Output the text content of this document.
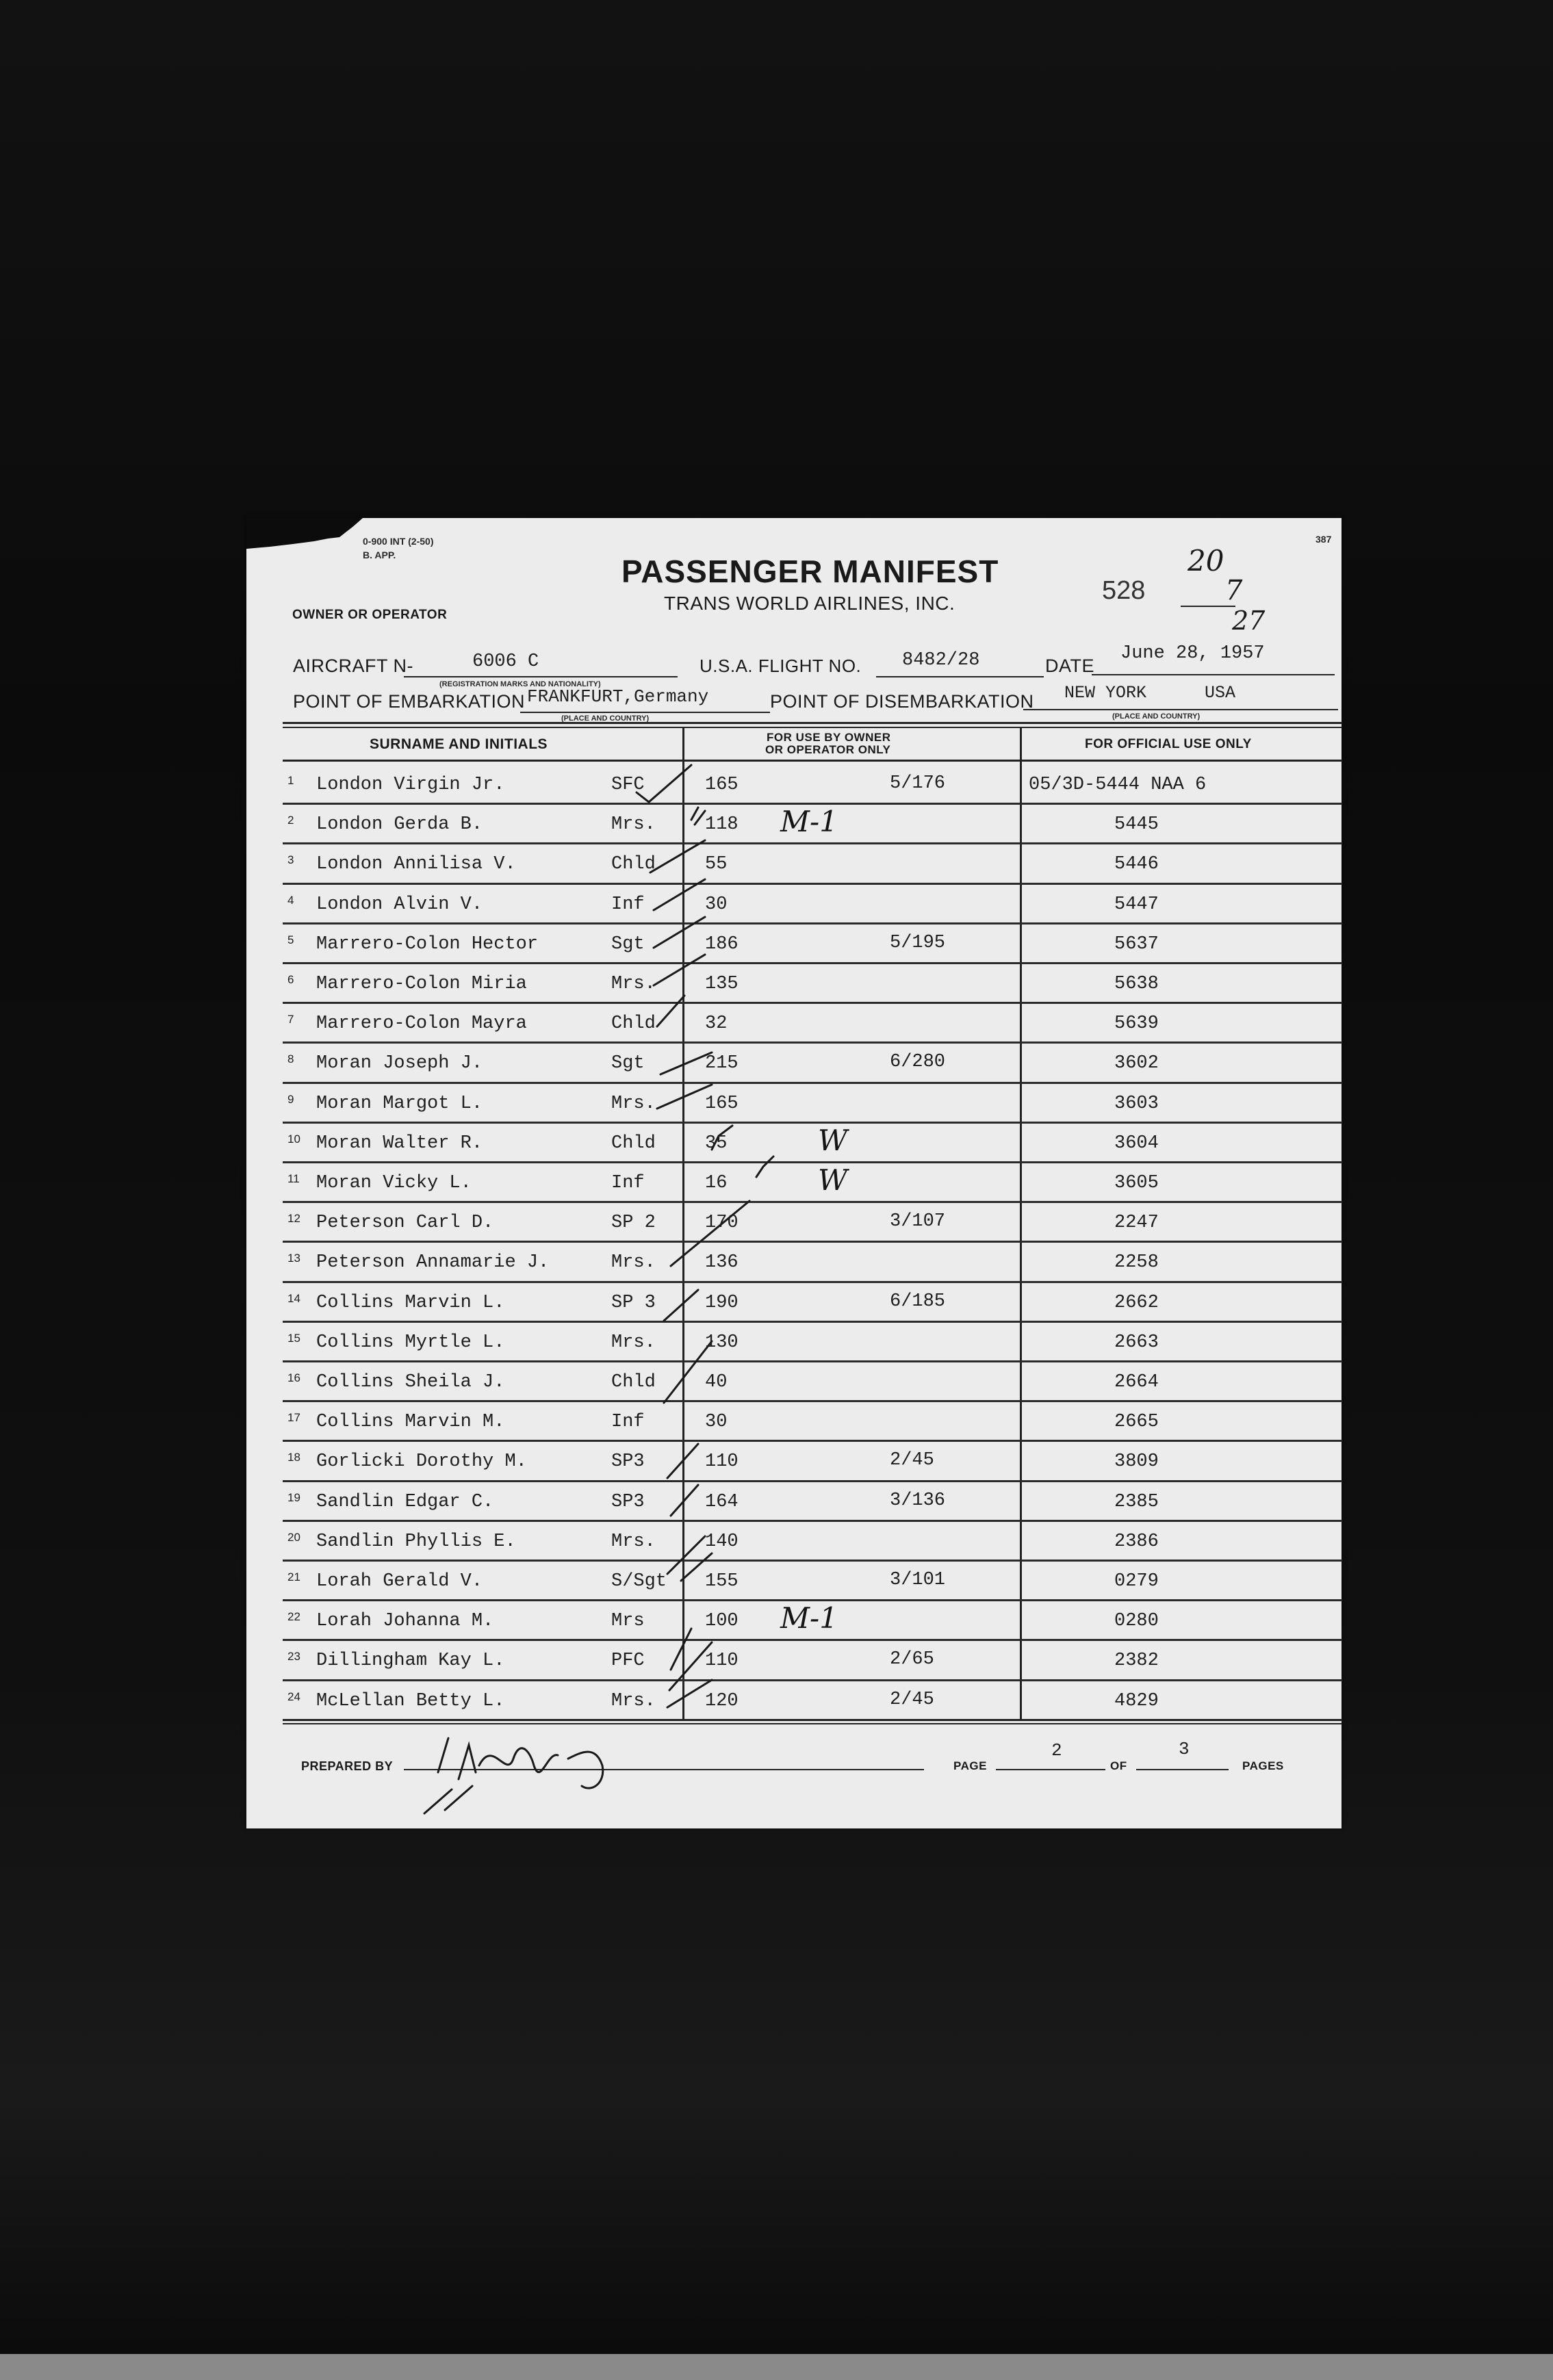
0-900 INT (2-50)
B. APP.
387
OWNER OR OPERATOR
PASSENGER MANIFEST
TRANS WORLD AIRLINES, INC.	528
20
7
27
AIRCRAFT N-	6006 C	U.S.A. FLIGHT NO. 8482/28	DATE
June 28, 1957
(REGISTRATION MARKS AND NATIONALITY)
POINT OF EMBARKATION FRANKFURT,Germany	POINT OF DISEMBARKATION NEW YORK	USA
(PLACE AND COUNTRY)	(PLACE AND COUNTRY)
SURNAME AND INITIALS	FOR USE BY OWNER
OR OPERATOR ONLY	FOR OFFICIAL USE ONLY
1 London Virgin Jr.	SFC	165	5/176	05/3D-5444 NAA 6
2 London Gerda B.	Mrs.	118	5445
M-1
3 London Annilisa V.	Chld	55	5446
4 London Alvin V.	Inf	30	5447
5 Marrero-Colon Hector	Sgt	186	5/195	5637
6 Marrero-Colon Miria	Mrs.	135	5638
7 Marrero-Colon Mayra	Chld	32	5639
8 Moran Joseph J.	Sgt	215	6/280	3602
9 Moran Margot L.	Mrs.	165	3603
10 Moran Walter R.	Chld	35	3604
W
11 Moran Vicky L.	Inf	16	3605
W
12 Peterson Carl D.	SP 2	170	3/107	2247
13 Peterson Annamarie J.	Mrs.	136	2258
14 Collins Marvin L.	SP 3	190	6/185	2662
15 Collins Myrtle L.	Mrs.	130	2663
16 Collins Sheila J.	Chld	40	2664
17 Collins Marvin M.	Inf	30	2665
18 Gorlicki Dorothy M.	SP3	110	2/45	3809
19 Sandlin Edgar C.	SP3	164	3/136	2385
20 Sandlin Phyllis E.	Mrs.	140	2386
21 Lorah Gerald V.	S/Sgt 155	3/101	0279
22 Lorah Johanna M.	Mrs	100	0280
M-1
23 Dillingham Kay L.	PFC	110	2/65	2382
24 McLellan Betty L.	Mrs.	120	2/45	4829
PREPARED BY	PAGE
2
OF
3
PAGES
